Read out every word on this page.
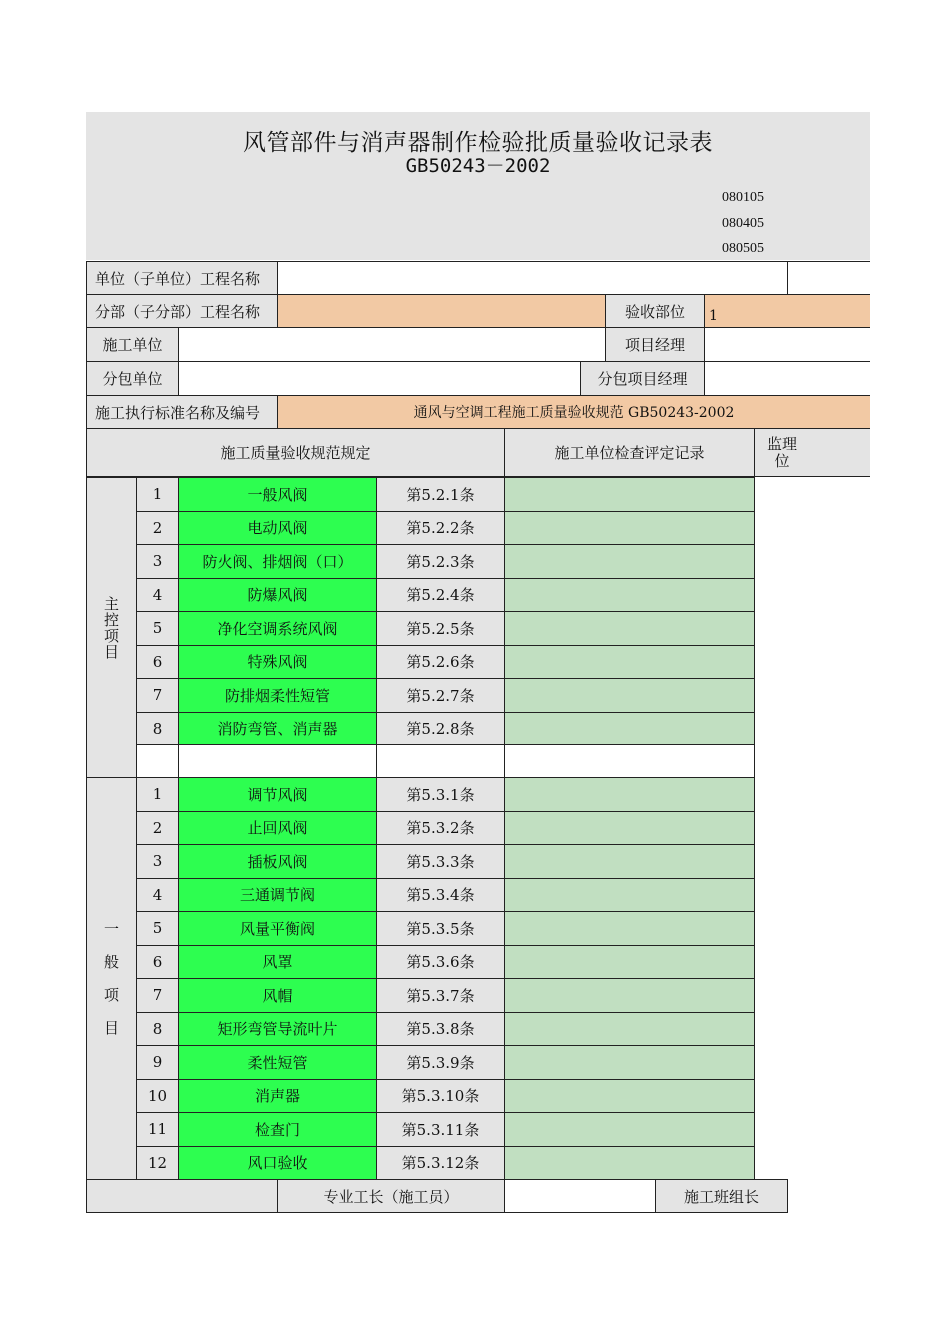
风管部件与消声器制作检验批质量验收记录表
GB50243－2002
080105
080405
080505
单位（子单位）工程名称
分部（子分部）工程名称	验收部位	1
施工单位	项目经理
分包单位	分包项目经理
施工执行标准名称及编号	通风与空调工程施工质量验收规范 GB50243-2002
施工质量验收规范规定	施工单位检查评定记录
监理
位
主
控
项
目
1	一般风阀	第5.2.1条
2	电动风阀	第5.2.2条
3	防火阀、排烟阀（口）	第5.2.3条
4	防爆风阀	第5.2.4条
5	净化空调系统风阀	第5.2.5条
6	特殊风阀	第5.2.6条
7	防排烟柔性短管	第5.2.7条
8	消防弯管、消声器	第5.2.8条
一
般
项
目
1	调节风阀	第5.3.1条
2	止回风阀	第5.3.2条
3	插板风阀	第5.3.3条
4	三通调节阀	第5.3.4条
5	风量平衡阀	第5.3.5条
6	风罩	第5.3.6条
7	风帽	第5.3.7条
8	矩形弯管导流叶片	第5.3.8条
9	柔性短管	第5.3.9条
10	消声器	第5.3.10条
11	检查门	第5.3.11条
12	风口验收	第5.3.12条
专业工长（施工员）	施工班组长
